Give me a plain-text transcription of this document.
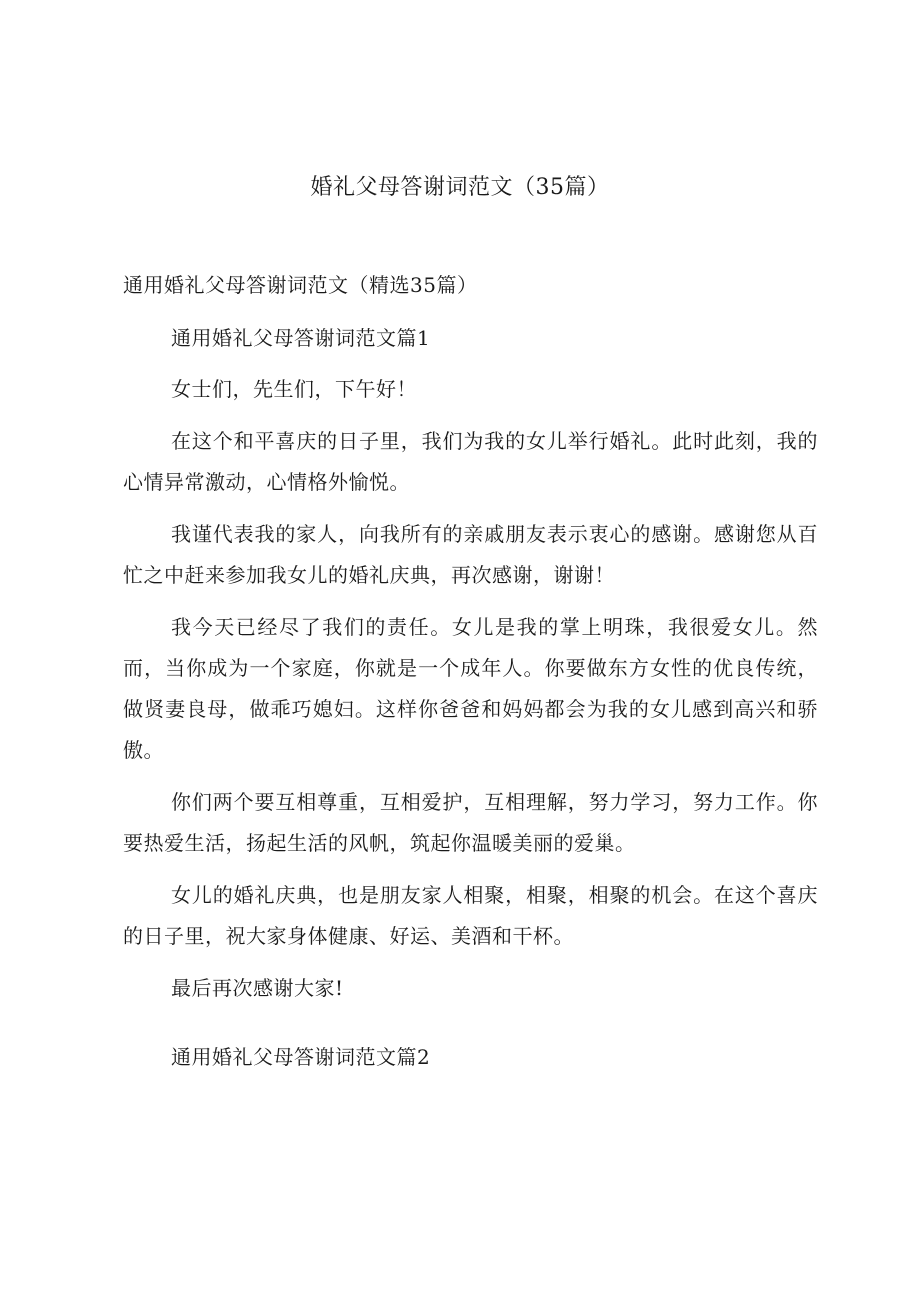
婚礼父母答谢词范文（35篇）

通用婚礼父母答谢词范文（精选35篇）

通用婚礼父母答谢词范文篇1

女士们，先生们，下午好！

在这个和平喜庆的日子里，我们为我的女儿举行婚礼。此时此刻，我的心情异常激动，心情格外愉悦。

我谨代表我的家人，向我所有的亲戚朋友表示衷心的感谢。感谢您从百忙之中赶来参加我女儿的婚礼庆典，再次感谢，谢谢！

我今天已经尽了我们的责任。女儿是我的掌上明珠，我很爱女儿。然而，当你成为一个家庭，你就是一个成年人。你要做东方女性的优良传统，做贤妻良母，做乖巧媳妇。这样你爸爸和妈妈都会为我的女儿感到高兴和骄傲。

你们两个要互相尊重，互相爱护，互相理解，努力学习，努力工作。你要热爱生活，扬起生活的风帆，筑起你温暖美丽的爱巢。

女儿的婚礼庆典，也是朋友家人相聚，相聚，相聚的机会。在这个喜庆的日子里，祝大家身体健康、好运、美酒和干杯。

最后再次感谢大家!

通用婚礼父母答谢词范文篇2
